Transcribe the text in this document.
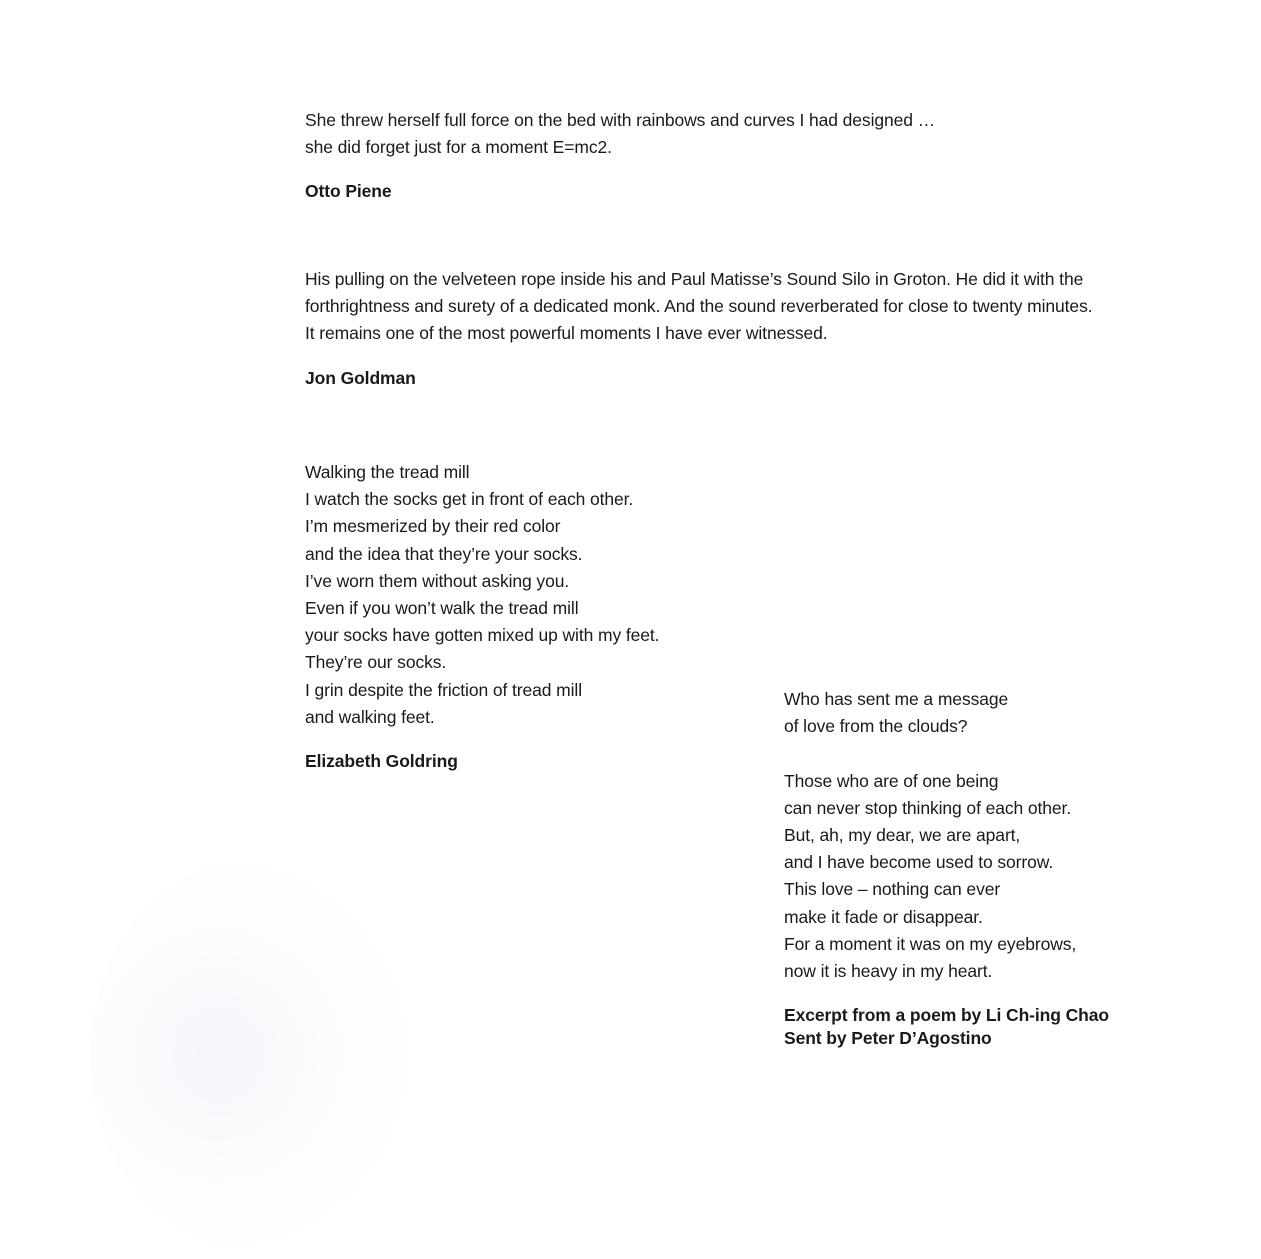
She threw herself full force on the bed with rainbows and curves I had designed …
she did forget just for a moment E=mc2.
Otto Piene
His pulling on the velveteen rope inside his and Paul Matisse’s Sound Silo in Groton. He did it with the
forthrightness and surety of a dedicated monk. And the sound reverberated for close to twenty minutes.
It remains one of the most powerful moments I have ever witnessed.
Jon Goldman
Walking the tread mill
I watch the socks get in front of each other.
I’m mesmerized by their red color
and the idea that they’re your socks.
I’ve worn them without asking you.
Even if you won’t walk the tread mill
your socks have gotten mixed up with my feet.
They’re our socks.
I grin despite the friction of tread mill
and walking feet.
Elizabeth Goldring
Who has sent me a message
of love from the clouds?
Those who are of one being
can never stop thinking of each other.
But, ah, my dear, we are apart,
and I have become used to sorrow.
This love – nothing can ever
make it fade or disappear.
For a moment it was on my eyebrows,
now it is heavy in my heart.
Excerpt from a poem by Li Ch-ing Chao
Sent by Peter D’Agostino
